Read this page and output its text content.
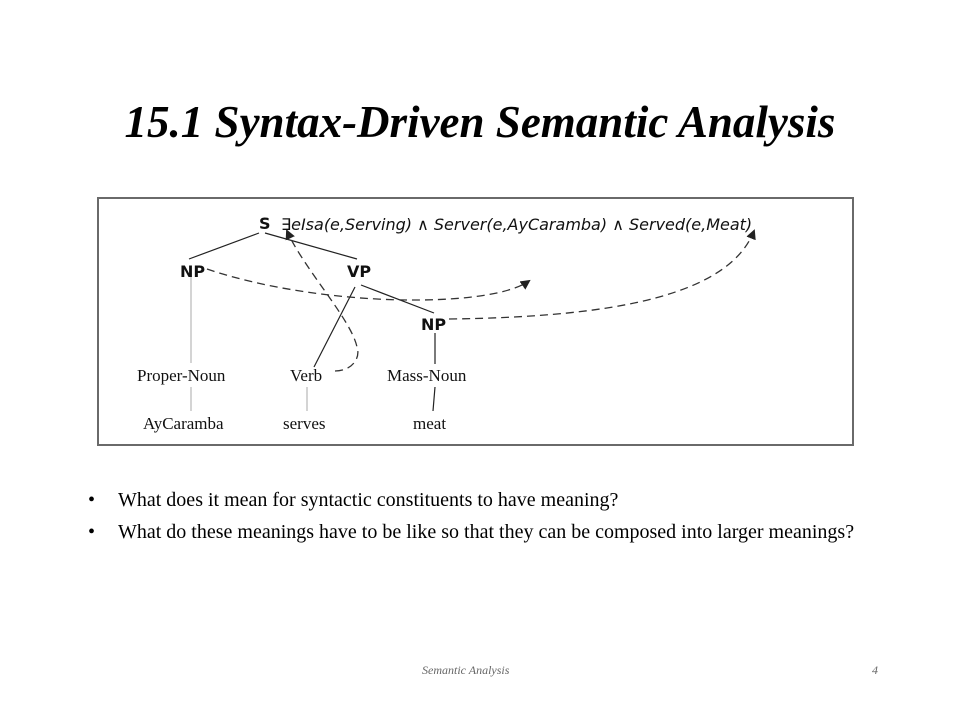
15.1 Syntax-Driven Semantic Analysis
S ∃eIsa(e,Serving) ∧ Server(e,AyCaramba) ∧ Served(e,Meat)
NP	VP
NP
Proper-Noun	Verb	Mass-Noun
AyCaramba	serves	meat
• What does it mean for syntactic constituents to have meaning?
• What do these meanings have to be like so that they can be composed into larger meanings?
Semantic Analysis	4
